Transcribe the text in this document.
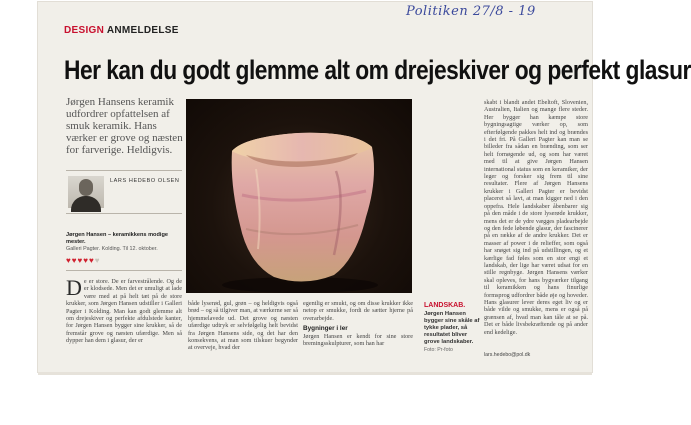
Politiken 27/8 - 19
DESIGN ANMELDELSE
Her kan du godt glemme alt om drejeskiver og perfekt glasur

Jørgen Hansens keramik udfordrer opfattelsen af smuk keramik. Hans værker er grove og næsten for farverige. Heldigvis.

LARS HEDEBO OLSEN

Jørgen Hansen – keramikkens modige mester.

Galleri Pagter. Kolding. Til 12. oktober.

♥♥♥♥♥♥

De er store. De er farvestrålende. Og de er klodsede. Men det er umuligt at lade være med at på helt tæt på de store krukker, som Jørgen Hansen udstiller i Galleri Pagter i Kolding. Man kan godt glemme alt om drejeskiver og perfekte afdulstede kanter, for Jørgen Hansen bygger sine krukker, så de fremstår grove og næsten ufærdige. Men så dypper han dem i glasur, der er

både lyserød, gul, grøn – og heldigvis også brød – og så tilgiver man, at værkerne ser så hjemmelavede ud. Det grove og næsten ufærdige udtryk er selvfølgelig helt bevidst fra Jørgen Hansens side, og det har den konsekvens, at man som tilskuer begynder at overveje, hvad der

egentlig er smukt, og om disse krukker ikke netop er smukke, fordi de sætter hjerne på overarbejde.
Bygninger i ler
Jørgen Hansen er kendt for sine store bremingsskulpturer, som han har

skabt i blandt andet Ebeltoft, Slovenien, Australien, Italien og mange flere steder. Her bygger han kæmpe store bygningsagtige værker op, som efterfølgende pakkes helt ind og brændes i det fri. På Galleri Pagter kan man se billeder fra sådan en brænding, som ser helt fornøgende ud, og som har været med til at give Jørgen Hansen international status som en keramiker, der leger og forsker sig frem til sine resultater. Flere af Jørgen Hansens krukker i Galleri Pagter er bevidst placeret så lavt, at man kigger ned i den oppefra. Hele landskaber åbenbarer sig på den måde i de store lyserøde krukker, mens det er de ydre vægges pladearbejde og den fede løbende glasur, der fascinerer på en række af de andre krukker. Det er masser af power i de relieffer, som også har snøget sig ind på udstillingen, og et kærlige fad føles som en stor engi et landskab, der lige har været udsat for en stille regnbyge. Jørgen Hansens værker skal opleves, for hans bygværker tilgang til keramikken og hans finurlige formsprog udfordrer både øje og hoveder. Hans glasurer lever deres eget liv og er både vilde og smukke, mens er også på grænsen af, hvad man kan tåle at se på. Det er både livsbekræftende og på ander end kedelige.

lars.hedebo@pol.dk
LANDSKAB.

Jørgen Hansen bygger sine skåle af tykke plader, så resultatet bliver grove landskaber.

Foto: Pr-foto
